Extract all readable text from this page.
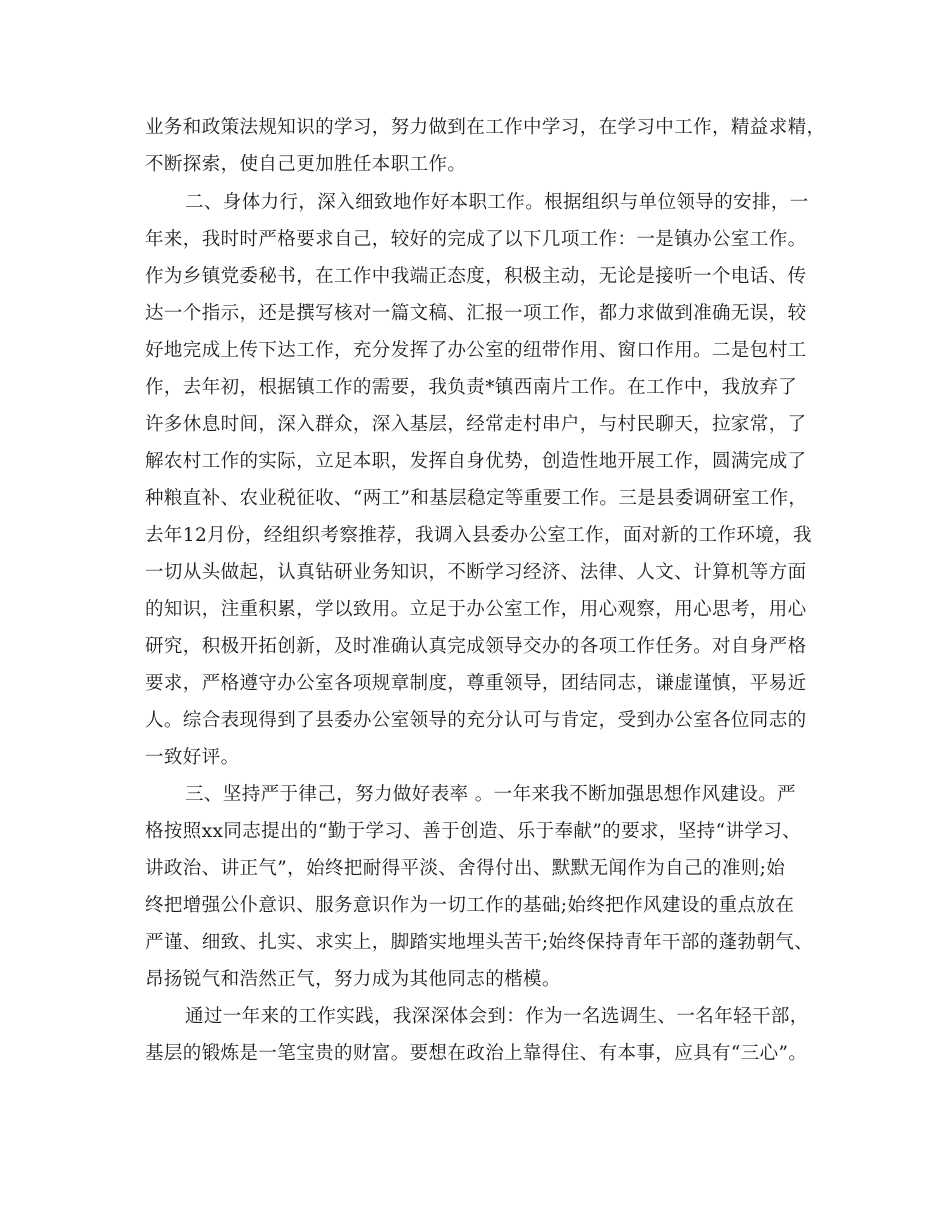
业务和政策法规知识的学习，努力做到在工作中学习，在学习中工作，精益求精，
不断探索，使自己更加胜任本职工作。
二、身体力行，深入细致地作好本职工作。根据组织与单位领导的安排，一
年来，我时时严格要求自己，较好的完成了以下几项工作：一是镇办公室工作。
作为乡镇党委秘书，在工作中我端正态度，积极主动，无论是接听一个电话、传
达一个指示，还是撰写核对一篇文稿、汇报一项工作，都力求做到准确无误，较
好地完成上传下达工作，充分发挥了办公室的纽带作用、窗口作用。二是包村工
作，去年初，根据镇工作的需要，我负责*镇西南片工作。在工作中，我放弃了
许多休息时间，深入群众，深入基层，经常走村串户，与村民聊天，拉家常，了
解农村工作的实际，立足本职，发挥自身优势，创造性地开展工作，圆满完成了
种粮直补、农业税征收、“两工”和基层稳定等重要工作。三是县委调研室工作，
去年12月份，经组织考察推荐，我调入县委办公室工作，面对新的工作环境，我
一切从头做起，认真钻研业务知识，不断学习经济、法律、人文、计算机等方面
的知识，注重积累，学以致用。立足于办公室工作，用心观察，用心思考，用心
研究，积极开拓创新，及时准确认真完成领导交办的各项工作任务。对自身严格
要求，严格遵守办公室各项规章制度，尊重领导，团结同志，谦虚谨慎，平易近
人。综合表现得到了县委办公室领导的充分认可与肯定，受到办公室各位同志的
一致好评。
三、坚持严于律己，努力做好表率 。一年来我不断加强思想作风建设。严
格按照xx同志提出的“勤于学习、善于创造、乐于奉献”的要求，坚持“讲学习、
讲政治、讲正气”，始终把耐得平淡、舍得付出、默默无闻作为自己的准则;始
终把增强公仆意识、服务意识作为一切工作的基础;始终把作风建设的重点放在
严谨、细致、扎实、求实上，脚踏实地埋头苦干;始终保持青年干部的蓬勃朝气、
昂扬锐气和浩然正气，努力成为其他同志的楷模。
通过一年来的工作实践，我深深体会到：作为一名选调生、一名年轻干部，
基层的锻炼是一笔宝贵的财富。要想在政治上靠得住、有本事，应具有“三心”。
